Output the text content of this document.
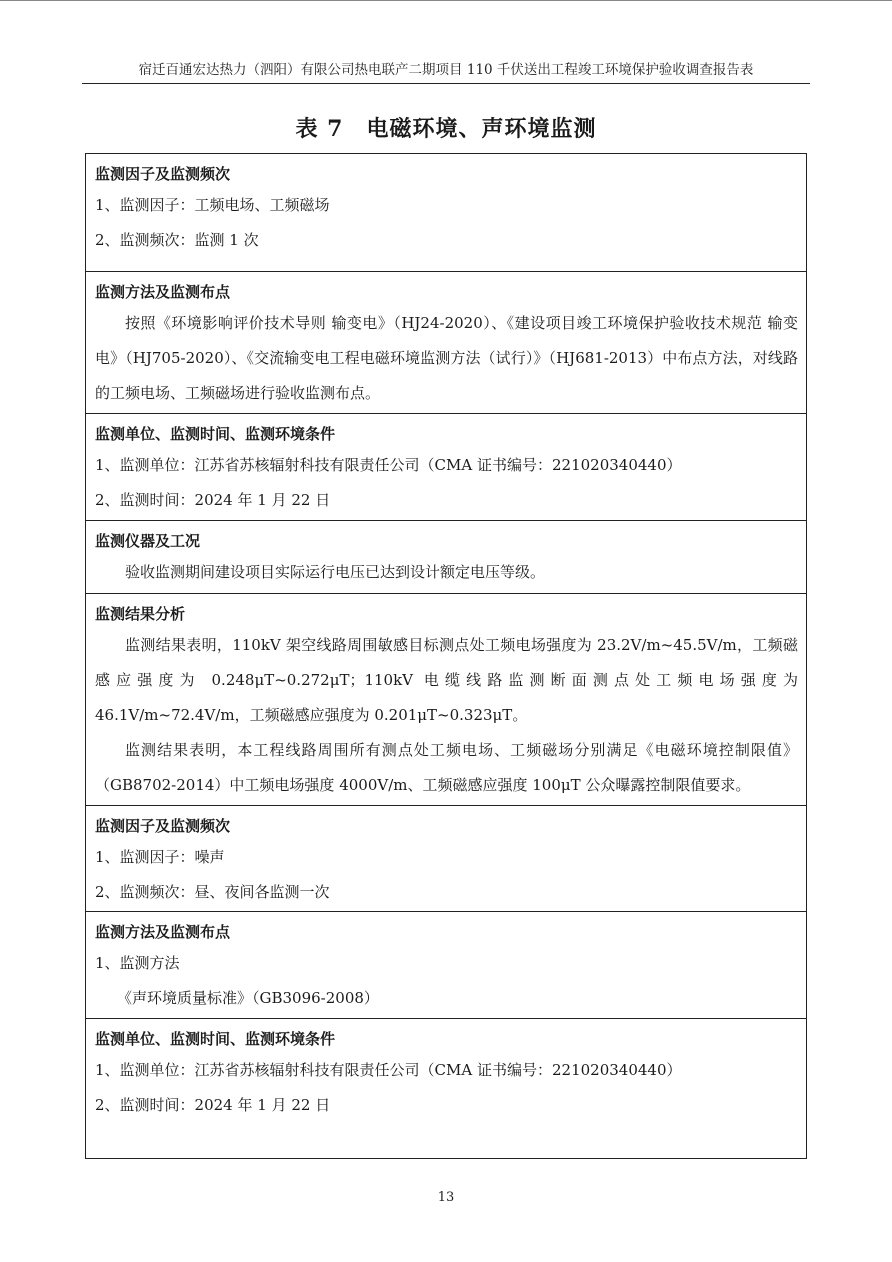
宿迁百通宏达热力（泗阳）有限公司热电联产二期项目 110 千伏送出工程竣工环境保护验收调查报告表
表 7　电磁环境、声环境监测
监测因子及监测频次
1、监测因子：工频电场、工频磁场
2、监测频次：监测 1 次
监测方法及监测布点

按照《环境影响评价技术导则 输变电》（HJ24-2020）、《建设项目竣工环境保护验收技术规范 输变电》（HJ705-2020）、《交流输变电工程电磁环境监测方法（试行）》（HJ681-2013）中布点方法，对线路的工频电场、工频磁场进行验收监测布点。

监测单位、监测时间、监测环境条件
1、监测单位：江苏省苏核辐射科技有限责任公司（CMA 证书编号：221020340440）
2、监测时间：2024 年 1 月 22 日
监测仪器及工况

验收监测期间建设项目实际运行电压已达到设计额定电压等级。

监测结果分析

监测结果表明，110kV 架空线路周围敏感目标测点处工频电场强度为 23.2V/m~45.5V/m，工频磁感应强度为 0.248μT~0.272μT；110kV 电缆线路监测断面测点处工频电场强度为 46.1V/m~72.4V/m，工频磁感应强度为 0.201μT~0.323μT。

监测结果表明，本工程线路周围所有测点处工频电场、工频磁场分别满足《电磁环境控制限值》（GB8702-2014）中工频电场强度 4000V/m、工频磁感应强度 100μT 公众曝露控制限值要求。

监测因子及监测频次
1、监测因子：噪声
2、监测频次：昼、夜间各监测一次
监测方法及监测布点
1、监测方法
《声环境质量标准》（GB3096-2008）
监测单位、监测时间、监测环境条件
1、监测单位：江苏省苏核辐射科技有限责任公司（CMA 证书编号：221020340440）
2、监测时间：2024 年 1 月 22 日
13
